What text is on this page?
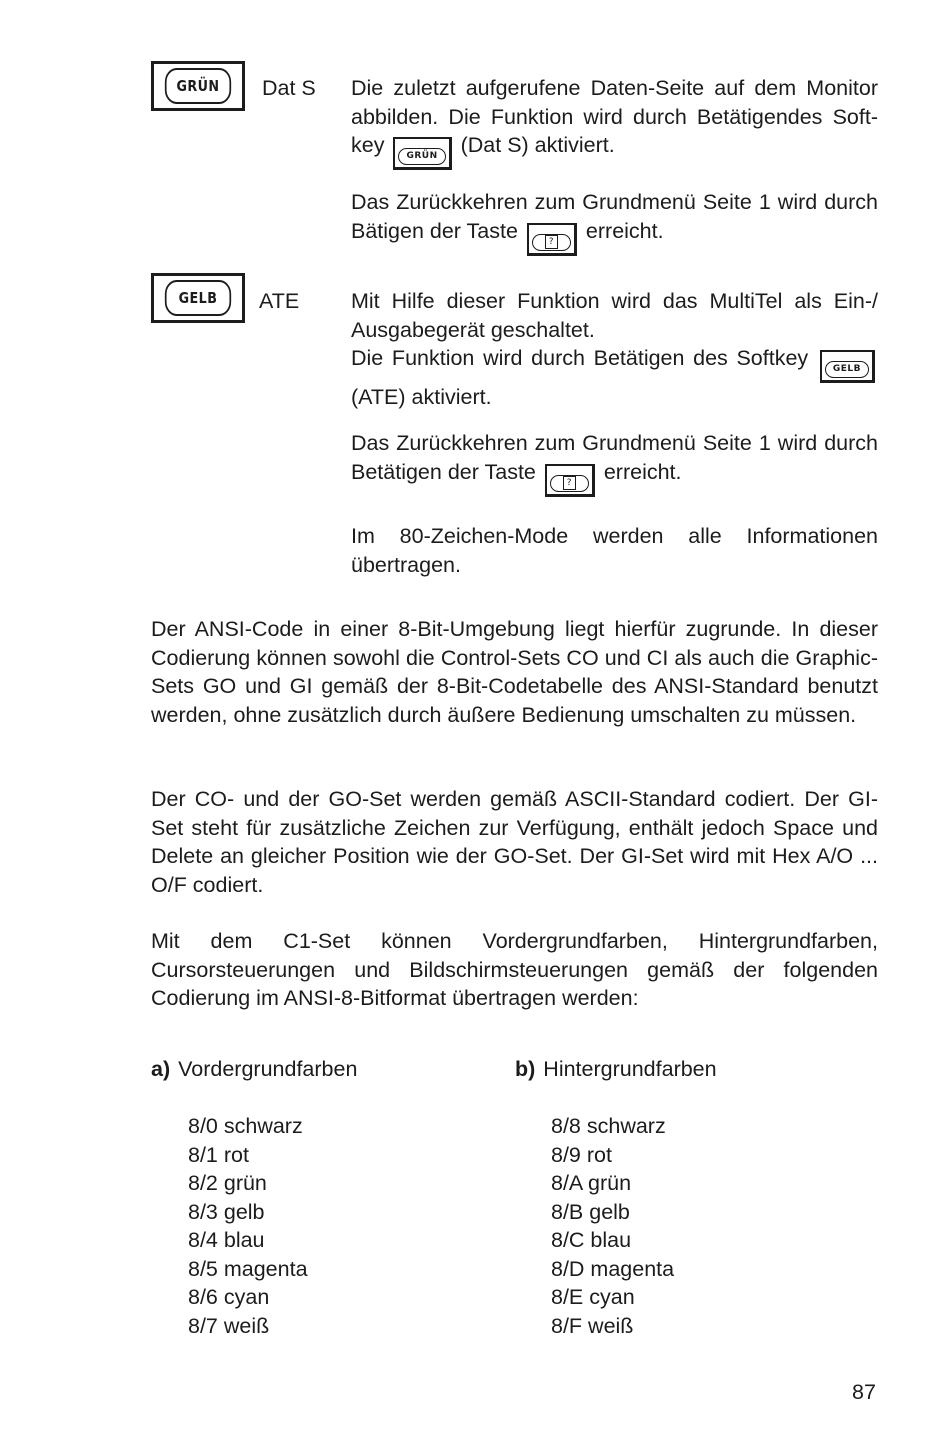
GRÜN	Dat S Die zuletzt aufgerufene Daten-Seite auf dem Monitor abbilden. Die Funktion wird durch Betätigendes Soft-key GRÜN (Dat S) aktiviert.

Das Zurückkehren zum Grundmenü Seite 1 wird durch Bätigen der Taste	? erreicht.

GELB	ATE Mit Hilfe dieser Funktion wird das MultiTel als Ein-/ Ausgabegerät geschaltet.

Die Funktion wird durch Betätigen des Softkey	GELB (ATE) aktiviert.

Das Zurückkehren zum Grundmenü Seite 1 wird durch Betätigen der Taste	? erreicht.

Im 80-Zeichen-Mode werden alle Informationen übertragen.

Der ANSI-Code in einer 8-Bit-Umgebung liegt hierfür zugrunde. In dieser Codierung können sowohl die Control-Sets CO und CI als auch die Graphic-Sets GO und GI gemäß der 8-Bit-Codetabelle des ANSI-Standard benutzt werden, ohne zusätzlich durch äußere Bedienung umschalten zu müssen.
Der CO- und der GO-Set werden gemäß ASCII-Standard codiert. Der GI-Set steht für zusätzliche Zeichen zur Verfügung, enthält jedoch Space und Delete an gleicher Position wie der GO-Set. Der GI-Set wird mit Hex A/O ... O/F codiert.
Mit dem C1-Set können Vordergrundfarben, Hintergrundfarben, Cursorsteuerungen und Bildschirmsteuerungen gemäß der folgenden Codierung im ANSI-8-Bitformat übertragen werden:
a) Vordergrundfarben
8/0 schwarz
8/1 rot
8/2 grün
8/3 gelb
8/4 blau
8/5 magenta
8/6 cyan
8/7 weiß
b) Hintergrundfarben
8/8 schwarz
8/9 rot
8/A grün
8/B gelb
8/C blau
8/D magenta
8/E cyan
8/F weiß
87
